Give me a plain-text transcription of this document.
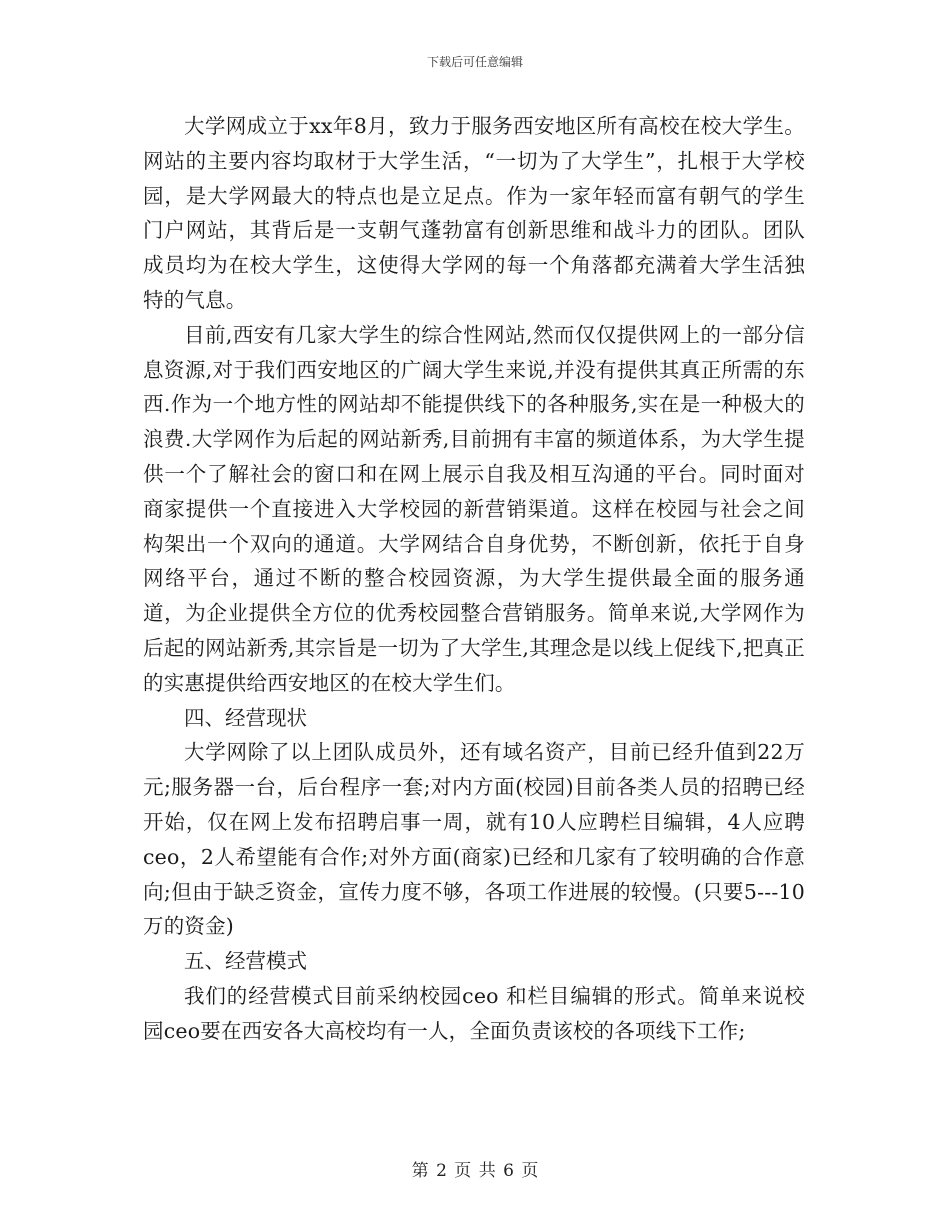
下载后可任意编辑

大学网成立于xx年8月，致力于服务西安地区所有高校在校大学生。网站的主要内容均取材于大学生活，“一切为了大学生”，扎根于大学校园，是大学网最大的特点也是立足点。作为一家年轻而富有朝气的学生门户网站，其背后是一支朝气蓬勃富有创新思维和战斗力的团队。团队成员均为在校大学生，这使得大学网的每一个角落都充满着大学生活独特的气息。

目前,西安有几家大学生的综合性网站,然而仅仅提供网上的一部分信息资源,对于我们西安地区的广阔大学生来说,并没有提供其真正所需的东西.作为一个地方性的网站却不能提供线下的各种服务,实在是一种极大的浪费.大学网作为后起的网站新秀,目前拥有丰富的频道体系，为大学生提供一个了解社会的窗口和在网上展示自我及相互沟通的平台。同时面对商家提供一个直接进入大学校园的新营销渠道。这样在校园与社会之间构架出一个双向的通道。大学网结合自身优势，不断创新，依托于自身网络平台，通过不断的整合校园资源，为大学生提供最全面的服务通道，为企业提供全方位的优秀校园整合营销服务。简单来说,大学网作为后起的网站新秀,其宗旨是一切为了大学生,其理念是以线上促线下,把真正的实惠提供给西安地区的在校大学生们。

四、经营现状

大学网除了以上团队成员外，还有域名资产，目前已经升值到22万元;服务器一台，后台程序一套;对内方面(校园)目前各类人员的招聘已经开始，仅在网上发布招聘启事一周，就有10人应聘栏目编辑，4人应聘ceo，2人希望能有合作;对外方面(商家)已经和几家有了较明确的合作意向;但由于缺乏资金，宣传力度不够，各项工作进展的较慢。(只要5---10万的资金)

五、经营模式

我们的经营模式目前采纳校园ceo 和栏目编辑的形式。简单来说校园ceo要在西安各大高校均有一人，全面负责该校的各项线下工作;

第 2 页 共 6 页
